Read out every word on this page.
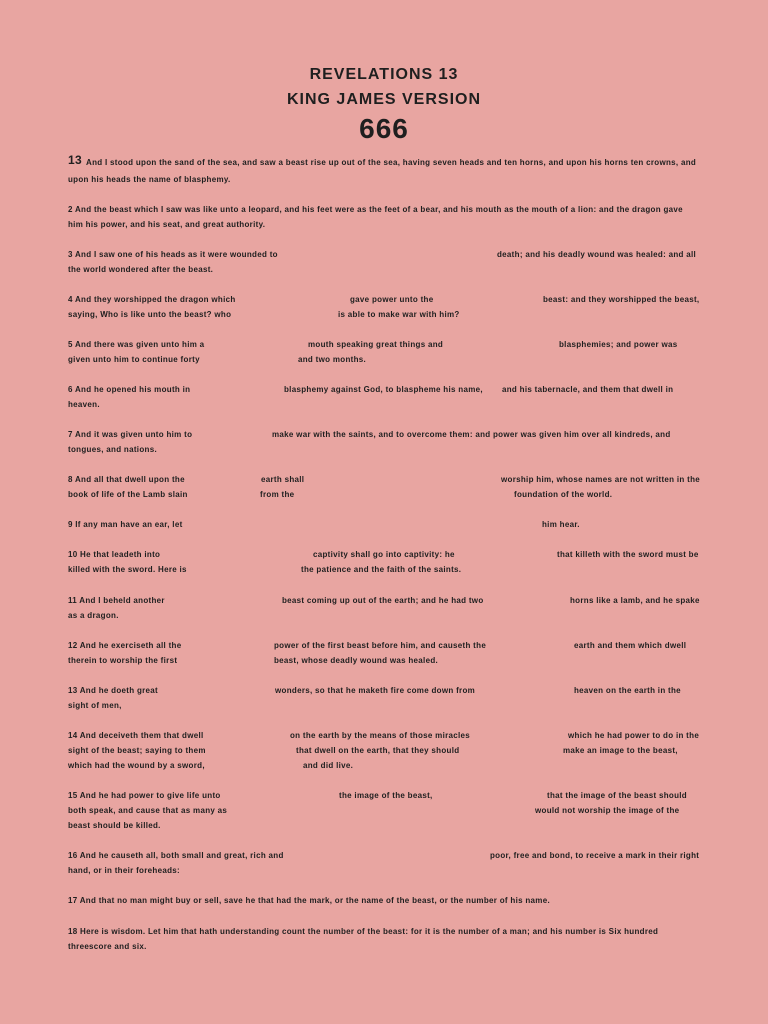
REVELATIONS 13
KING JAMES VERSION
666
13 And I stood upon the sand of the sea, and saw a beast rise up out of the sea, having seven heads and ten horns, and upon his horns ten crowns, and
upon his heads the name of blasphemy.
2 And the beast which I saw was like unto a leopard, and his feet were as the feet of a bear, and his mouth as the mouth of a lion: and the dragon gave
him his power, and his seat, and great authority.
3 And I saw one of his heads as it were wounded to	death; and his deadly wound was healed: and all
the world wondered after the beast.
4 And they worshipped the dragon which	gave power unto the	beast: and they worshipped the beast,
saying, Who is like unto the beast? who	is able to make war with him?
5 And there was given unto him a	mouth speaking great things and	blasphemies; and power was
given unto him to continue forty	and two months.
6 And he opened his mouth in	blasphemy against God, to blaspheme his name, and his tabernacle, and them that dwell in
heaven.
7 And it was given unto him to	make war with the saints, and to overcome them: and power was given him over all kindreds, and
tongues, and nations.
8 And all that dwell upon the	earth shall	worship him, whose names are not written in the
book of life of the Lamb slain	from the	foundation of the world.
9 If any man have an ear, let	him hear.
10 He that leadeth into	captivity shall go into captivity: he	that killeth with the sword must be
killed with the sword. Here is	the patience and the faith of the saints.
11 And I beheld another	beast coming up out of the earth; and he had two	horns like a lamb, and he spake
as a dragon.
12 And he exerciseth all the	power of the first beast before him, and causeth the	earth and them which dwell
therein to worship the first	beast, whose deadly wound was healed.
13 And he doeth great	wonders, so that he maketh fire come down from	heaven on the earth in the
sight of men,
14 And deceiveth them that dwell	on the earth by the means of those miracles	which he had power to do in the
sight of the beast; saying to them	that dwell on the earth, that they should	make an image to the beast,
which had the wound by a sword,	and did live.
15 And he had power to give life unto	the image of the beast,	that the image of the beast should
both speak, and cause that as many as	would not worship the image of the
beast should be killed.
16 And he causeth all, both small and great, rich and	poor, free and bond, to receive a mark in their right
hand, or in their foreheads:
17 And that no man might buy or sell, save he that had the mark, or the name of the beast, or the number of his name.
18 Here is wisdom. Let him that hath understanding count the number of the beast: for it is the number of a man; and his number is Six hundred
threescore and six.
